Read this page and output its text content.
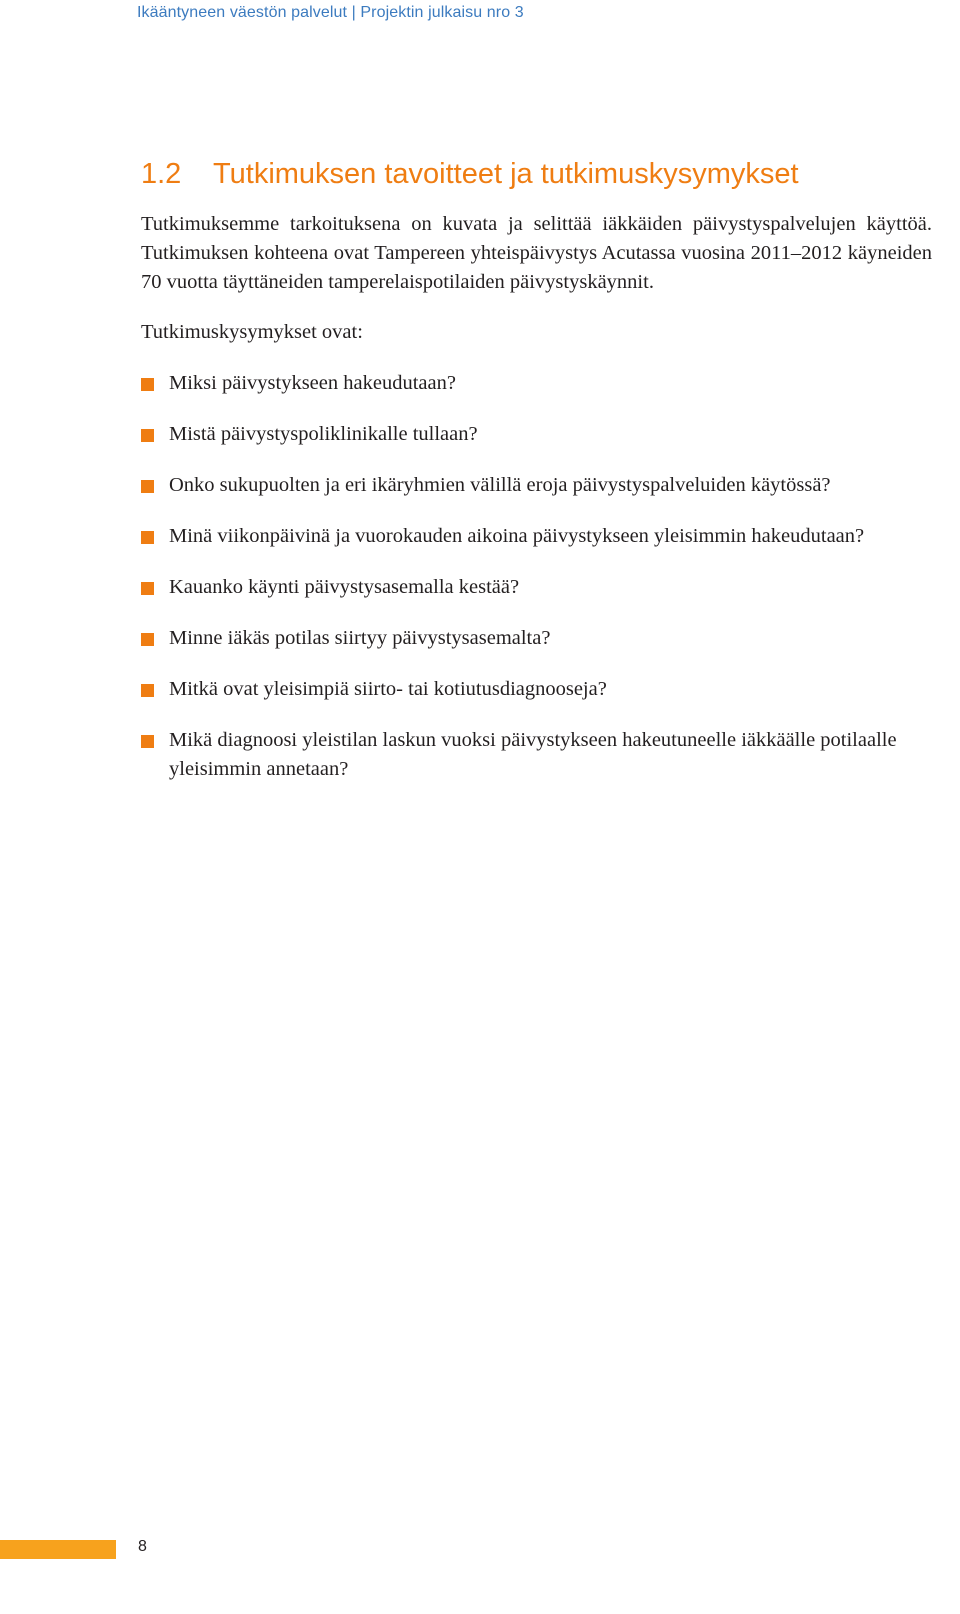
Ikääntyneen väestön palvelut | Projektin julkaisu nro 3
1.2 Tutkimuksen tavoitteet ja tutkimuskysymykset

Tutkimuksemme tarkoituksena on kuvata ja selittää iäkkäiden päivystyspalvelujen käyttöä. Tutkimuksen kohteena ovat Tampereen yhteispäivystys Acutassa vuosina 2011–2012 käyneiden 70 vuotta täyttäneiden tamperelaispotilaiden päivystyskäynnit.

Tutkimuskysymykset ovat:

Miksi päivystykseen hakeudutaan?
Mistä päivystyspoliklinikalle tullaan?
Onko sukupuolten ja eri ikäryhmien välillä eroja päivystyspalveluiden käytössä?
Minä viikonpäivinä ja vuorokauden aikoina päivystykseen yleisimmin hakeudutaan?
Kauanko käynti päivystysasemalla kestää?
Minne iäkäs potilas siirtyy päivystysasemalta?
Mitkä ovat yleisimpiä siirto- tai kotiutusdiagnooseja?
Mikä diagnoosi yleistilan laskun vuoksi päivystykseen hakeutuneelle iäkkäälle potilaalle yleisimmin annetaan?
8
